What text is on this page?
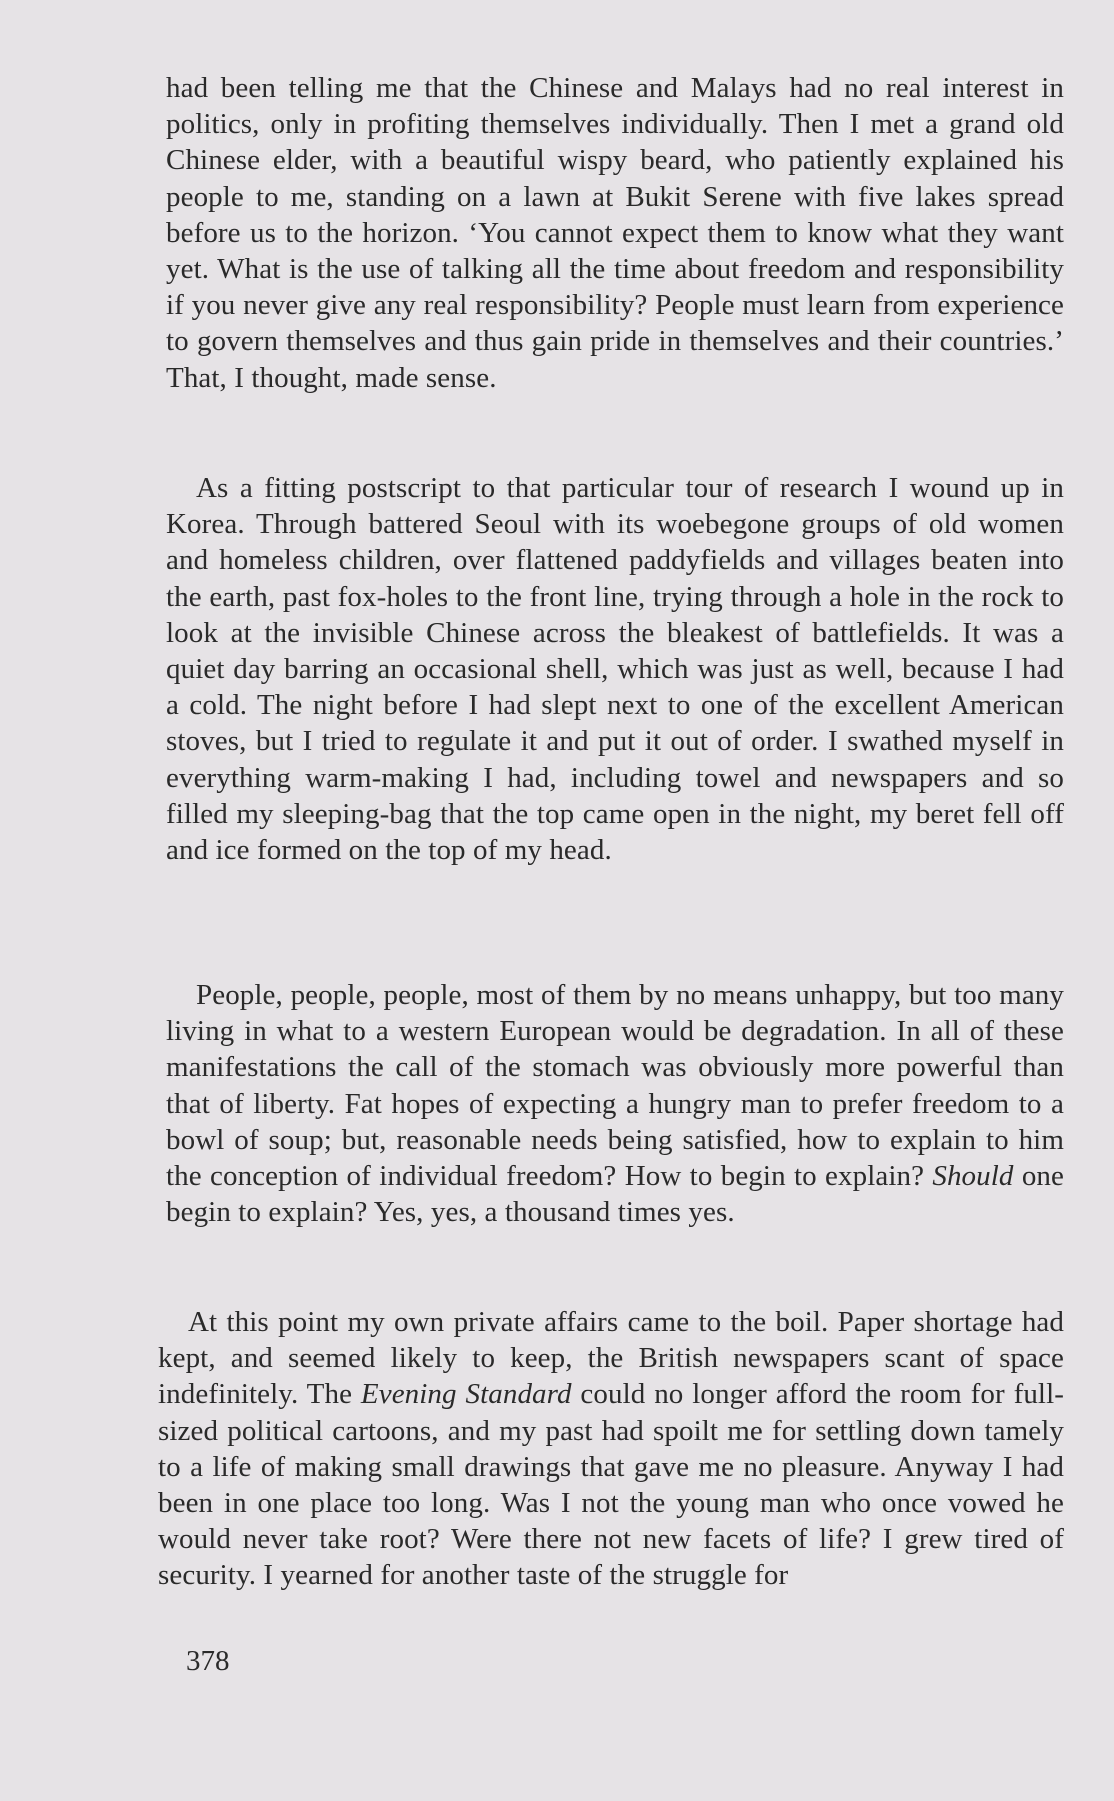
had been telling me that the Chinese and Malays had no real interest in politics, only in profiting themselves individually. Then I met a grand old Chinese elder, with a beautiful wispy beard, who patiently explained his people to me, standing on a lawn at Bukit Serene with five lakes spread before us to the horizon. ‘You cannot expect them to know what they want yet. What is the use of talking all the time about freedom and responsibility if you never give any real responsibility? People must learn from experience to govern themselves and thus gain pride in themselves and their countries.’ That, I thought, made sense.

As a fitting postscript to that particular tour of research I wound up in Korea. Through battered Seoul with its woebegone groups of old women and homeless children, over flattened paddyfields and villages beaten into the earth, past fox-holes to the front line, trying through a hole in the rock to look at the invisible Chinese across the bleakest of battlefields. It was a quiet day barring an occasional shell, which was just as well, because I had a cold. The night before I had slept next to one of the excellent American stoves, but I tried to regulate it and put it out of order. I swathed myself in everything warm-making I had, including towel and newspapers and so filled my sleeping-bag that the top came open in the night, my beret fell off and ice formed on the top of my head.

People, people, people, most of them by no means unhappy, but too many living in what to a western European would be degradation. In all of these manifestations the call of the stomach was obviously more powerful than that of liberty. Fat hopes of expecting a hungry man to prefer freedom to a bowl of soup; but, reasonable needs being satisfied, how to explain to him the conception of individual freedom? How to begin to explain? Should one begin to explain? Yes, yes, a thousand times yes.

At this point my own private affairs came to the boil. Paper shortage had kept, and seemed likely to keep, the British newspapers scant of space indefinitely. The Evening Standard could no longer afford the room for full-sized political cartoons, and my past had spoilt me for settling down tamely to a life of making small drawings that gave me no pleasure. Anyway I had been in one place too long. Was I not the young man who once vowed he would never take root? Were there not new facets of life? I grew tired of security. I yearned for another taste of the struggle for

378
